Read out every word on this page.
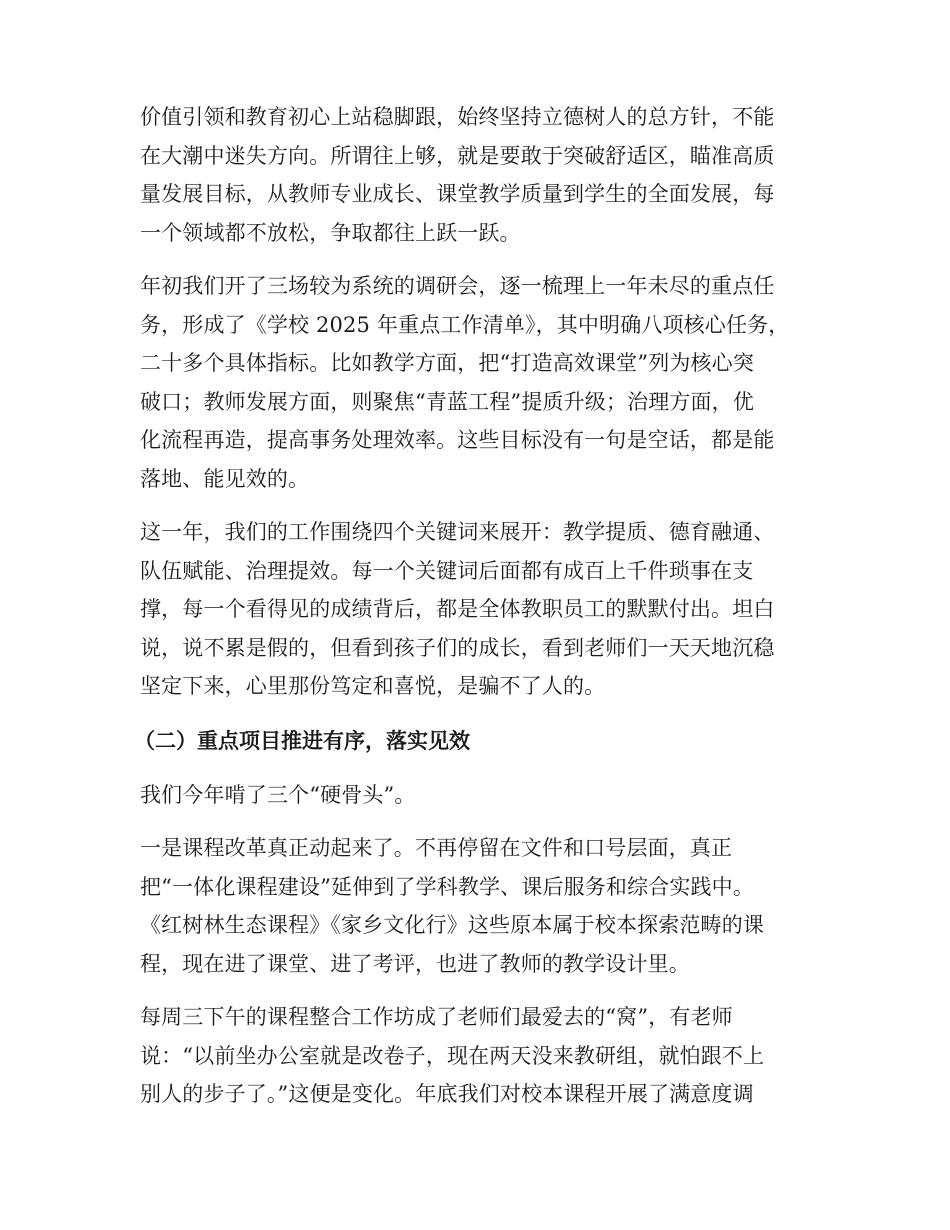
价值引领和教育初心上站稳脚跟，始终坚持立德树人的总方针，不能
在大潮中迷失方向。所谓往上够，就是要敢于突破舒适区，瞄准高质
量发展目标，从教师专业成长、课堂教学质量到学生的全面发展，每
一个领域都不放松，争取都往上跃一跃。
年初我们开了三场较为系统的调研会，逐一梳理上一年未尽的重点任
务，形成了《学校 2025 年重点工作清单》，其中明确八项核心任务，
二十多个具体指标。比如教学方面，把“打造高效课堂”列为核心突
破口；教师发展方面，则聚焦“青蓝工程”提质升级；治理方面，优
化流程再造，提高事务处理效率。这些目标没有一句是空话，都是能
落地、能见效的。
这一年，我们的工作围绕四个关键词来展开：教学提质、德育融通、
队伍赋能、治理提效。每一个关键词后面都有成百上千件琐事在支
撑，每一个看得见的成绩背后，都是全体教职员工的默默付出。坦白
说，说不累是假的，但看到孩子们的成长，看到老师们一天天地沉稳
坚定下来，心里那份笃定和喜悦，是骗不了人的。
（二）重点项目推进有序，落实见效
我们今年啃了三个“硬骨头”。
一是课程改革真正动起来了。不再停留在文件和口号层面，真正
把“一体化课程建设”延伸到了学科教学、课后服务和综合实践中。
《红树林生态课程》《家乡文化行》这些原本属于校本探索范畴的课
程，现在进了课堂、进了考评，也进了教师的教学设计里。
每周三下午的课程整合工作坊成了老师们最爱去的“窝”，有老师
说：“以前坐办公室就是改卷子，现在两天没来教研组，就怕跟不上
别人的步子了。”这便是变化。年底我们对校本课程开展了满意度调
